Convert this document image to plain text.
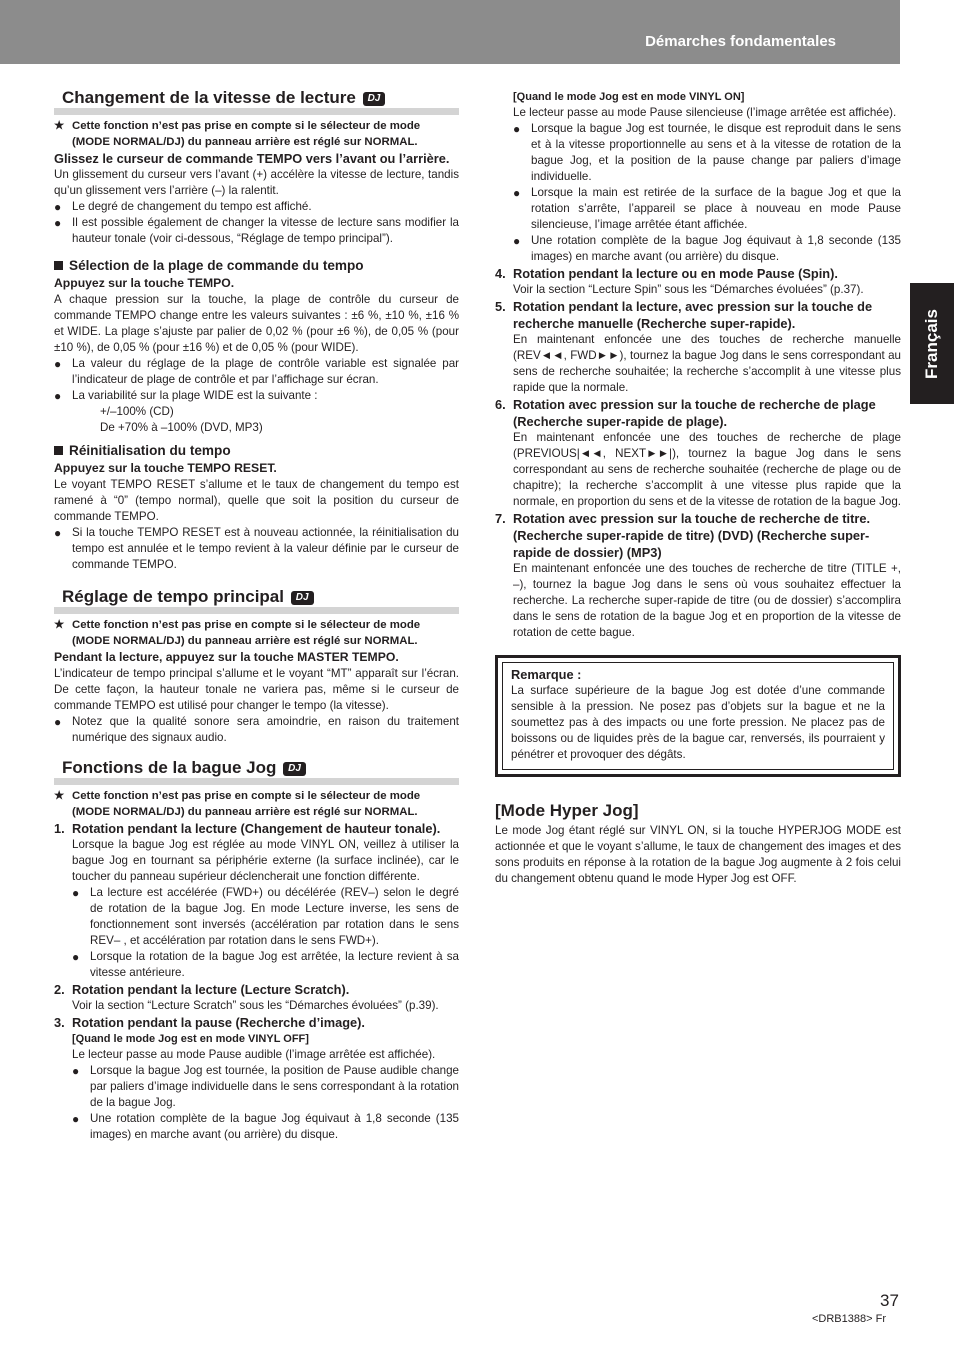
Démarches fondamentales
Français
Changement de la vitesse de lecture DJ
★ Cette fonction n’est pas prise en compte si le sélecteur de mode (MODE NORMAL/DJ) du panneau arrière est réglé sur NORMAL.
Glissez le curseur de commande TEMPO vers l’avant ou l’arrière.

Un glissement du curseur vers l’avant (+) accélère la vitesse de lecture, tandis qu’un glissement vers l’arrière (–) la ralentit.

● Le degré de changement du tempo est affiché.
● Il est possible également de changer la vitesse de lecture sans modifier la hauteur tonale (voir ci-dessous, “Réglage de tempo principal”).
Sélection de la plage de commande du tempo
Appuyez sur la touche TEMPO.

A chaque pression sur la touche, la plage de contrôle du curseur de commande TEMPO change entre les valeurs suivantes : ±6 %, ±10 %, ±16 % et WIDE. La plage s’ajuste par palier de 0,02 % (pour ±6 %), de 0,05 % (pour ±10 %), de 0,05 % (pour ±16 %) et de 0,05 % (pour WIDE).

● La valeur du réglage de la plage de contrôle variable est signalée par l’indicateur de plage de contrôle et par l’affichage sur écran.
● La variabilité sur la plage WIDE est la suivante :
+/–100% (CD)
De +70% à –100% (DVD, MP3)
Réinitialisation du tempo
Appuyez sur la touche TEMPO RESET.

Le voyant TEMPO RESET s’allume et le taux de changement du tempo est ramené à “0” (tempo normal), quelle que soit la position du curseur de commande TEMPO.

● Si la touche TEMPO RESET est à nouveau actionnée, la réinitialisation du tempo est annulée et le tempo revient à la valeur définie par le curseur de commande TEMPO.
Réglage de tempo principal DJ
★ Cette fonction n’est pas prise en compte si le sélecteur de mode (MODE NORMAL/DJ) du panneau arrière est réglé sur NORMAL.
Pendant la lecture, appuyez sur la touche MASTER TEMPO.

L’indicateur de tempo principal s’allume et le voyant “MT” apparaît sur l’écran. De cette façon, la hauteur tonale ne variera pas, même si le curseur de commande TEMPO est utilisé pour changer le tempo (la vitesse).

● Notez que la qualité sonore sera amoindrie, en raison du traitement numérique des signaux audio.
Fonctions de la bague Jog DJ
★ Cette fonction n’est pas prise en compte si le sélecteur de mode (MODE NORMAL/DJ) du panneau arrière est réglé sur NORMAL.
1. Rotation pendant la lecture (Changement de hauteur tonale).

Lorsque la bague Jog est réglée au mode VINYL ON, veillez à utiliser la bague Jog en tournant sa périphérie externe (la surface inclinée), car le toucher du panneau supérieur déclencherait une fonction différente.

● La lecture est accélérée (FWD+) ou décélérée (REV–) selon le degré de rotation de la bague Jog. En mode Lecture inverse, les sens de fonctionnement sont inversés (accélération par rotation dans le sens REV– , et accélération par rotation dans le sens FWD+).
● Lorsque la rotation de la bague Jog est arrêtée, la lecture revient à sa vitesse antérieure.
2. Rotation pendant la lecture (Lecture Scratch).

Voir la section “Lecture Scratch” sous les “Démarches évoluées” (p.39).

3. Rotation pendant la pause (Recherche d’image).
[Quand le mode Jog est en mode VINYL OFF]

Le lecteur passe au mode Pause audible (l’image arrêtée est affichée).

● Lorsque la bague Jog est tournée, la position de Pause audible change par paliers d’image individuelle dans le sens correspondant à la rotation de la bague Jog.
● Une rotation complète de la bague Jog équivaut à 1,8 seconde (135 images) en marche avant (ou arrière) du disque.
[Quand le mode Jog est en mode VINYL ON]

Le lecteur passe au mode Pause silencieuse (l’image arrêtée est affichée).

● Lorsque la bague Jog est tournée, le disque est reproduit dans le sens et à la vitesse proportionnelle au sens et à la vitesse de rotation de la bague Jog, et la position de la pause change par paliers d’image individuelle.
● Lorsque la main est retirée de la surface de la bague Jog et que la rotation s’arrête, l’appareil se place à nouveau en mode Pause silencieuse, l’image arrêtée étant affichée.
● Une rotation complète de la bague Jog équivaut à 1,8 seconde (135 images) en marche avant (ou arrière) du disque.
4. Rotation pendant la lecture ou en mode Pause (Spin).

Voir la section “Lecture Spin” sous les “Démarches évoluées” (p.37).

5. Rotation pendant la lecture, avec pression sur la touche de recherche manuelle (Recherche super-rapide).

En maintenant enfoncée une des touches de recherche manuelle (REV◄◄, FWD►►), tournez la bague Jog dans le sens correspondant au sens de recherche souhaitée; la recherche s’accomplit à une vitesse plus rapide que la normale.

6. Rotation avec pression sur la touche de recherche de plage (Recherche super-rapide de plage).

En maintenant enfoncée une des touches de recherche de plage (PREVIOUS|◄◄, NEXT►►|), tournez la bague Jog dans le sens correspondant au sens de recherche souhaitée (recherche de plage ou de chapitre); la recherche s’accomplit à une vitesse plus rapide que la normale, en proportion du sens et de la vitesse de rotation de la bague Jog.

7. Rotation avec pression sur la touche de recherche de titre. (Recherche super-rapide de titre) (DVD) (Recherche super-rapide de dossier) (MP3)

En maintenant enfoncée une des touches de recherche de titre (TITLE +, –), tournez la bague Jog dans le sens où vous souhaitez effectuer la recherche. La recherche super-rapide de titre (ou de dossier) s’accomplira dans le sens de rotation de la bague Jog et en proportion de la vitesse de rotation de cette bague.

Remarque :

La surface supérieure de la bague Jog est dotée d’une commande sensible à la pression. Ne posez pas d’objets sur la bague et ne la soumettez pas à des impacts ou une forte pression. Ne placez pas de boissons ou de liquides près de la bague car, renversés, ils pourraient y pénétrer et provoquer des dégâts.

[Mode Hyper Jog]

Le mode Jog étant réglé sur VINYL ON, si la touche HYPERJOG MODE est actionnée et que le voyant s’allume, le taux de changement des images et des sons produits en réponse à la rotation de la bague Jog augmente à 2 fois celui du changement obtenu quand le mode Hyper Jog est OFF.

37
<DRB1388> Fr
